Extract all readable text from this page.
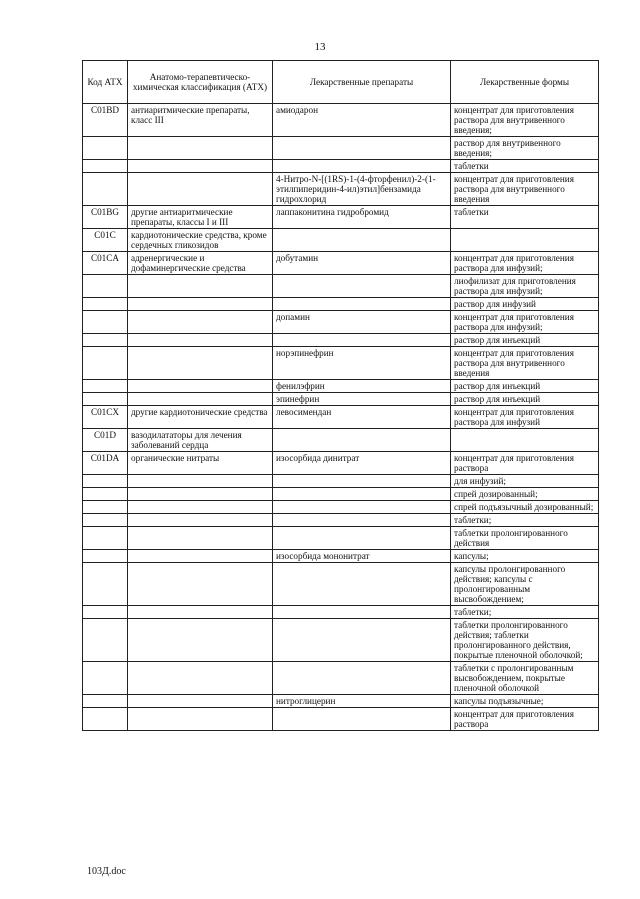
13
Код АТХ	Анатомо-терапевтическо-химическая классификация (АТХ)	Лекарственные препараты	Лекарственные формы
C01BD	антиаритмические препараты, класс III	амиодарон	концентрат для приготовления раствора для внутривенного введения;
			раствор для внутривенного введения;
			таблетки
		4-Нитро-N-[(1RS)-1-(4-фторфенил)-2-(1-этилпиперидин-4-ил)этил]бензамида гидрохлорид	концентрат для приготовления раствора для внутривенного введения
C01BG	другие антиаритмические препараты, классы I и III	лаппаконитина гидробромид	таблетки
C01C	кардиотонические средства, кроме сердечных гликозидов		
C01CA	адренергические и дофаминергические средства	добутамин	концентрат для приготовления раствора для инфузий;
			лиофилизат для приготовления раствора для инфузий;
			раствор для инфузий
		допамин	концентрат для приготовления раствора для инфузий;
			раствор для инъекций
		норэпинефрин	концентрат для приготовления раствора для внутривенного введения
		фенилэфрин	раствор для инъекций
		эпинефрин	раствор для инъекций
C01CX	другие кардиотонические средства	левосимендан	концентрат для приготовления раствора для инфузий
C01D	вазодилататоры для лечения заболеваний сердца		
C01DA	органические нитраты	изосорбида динитрат	концентрат для приготовления раствора
			для инфузий;
			спрей дозированный;
			спрей подъязычный дозированный;
			таблетки;
			таблетки пролонгированного действия
		изосорбида мононитрат	капсулы;
			капсулы пролонгированного действия; капсулы с пролонгированным высвобождением;
			таблетки;
			таблетки пролонгированного действия; таблетки пролонгированного действия, покрытые пленочной оболочкой;
			таблетки с пролонгированным высвобождением, покрытые пленочной оболочкой
		нитроглицерин	капсулы подъязычные;
			концентрат для приготовления раствора
103Д.doc
